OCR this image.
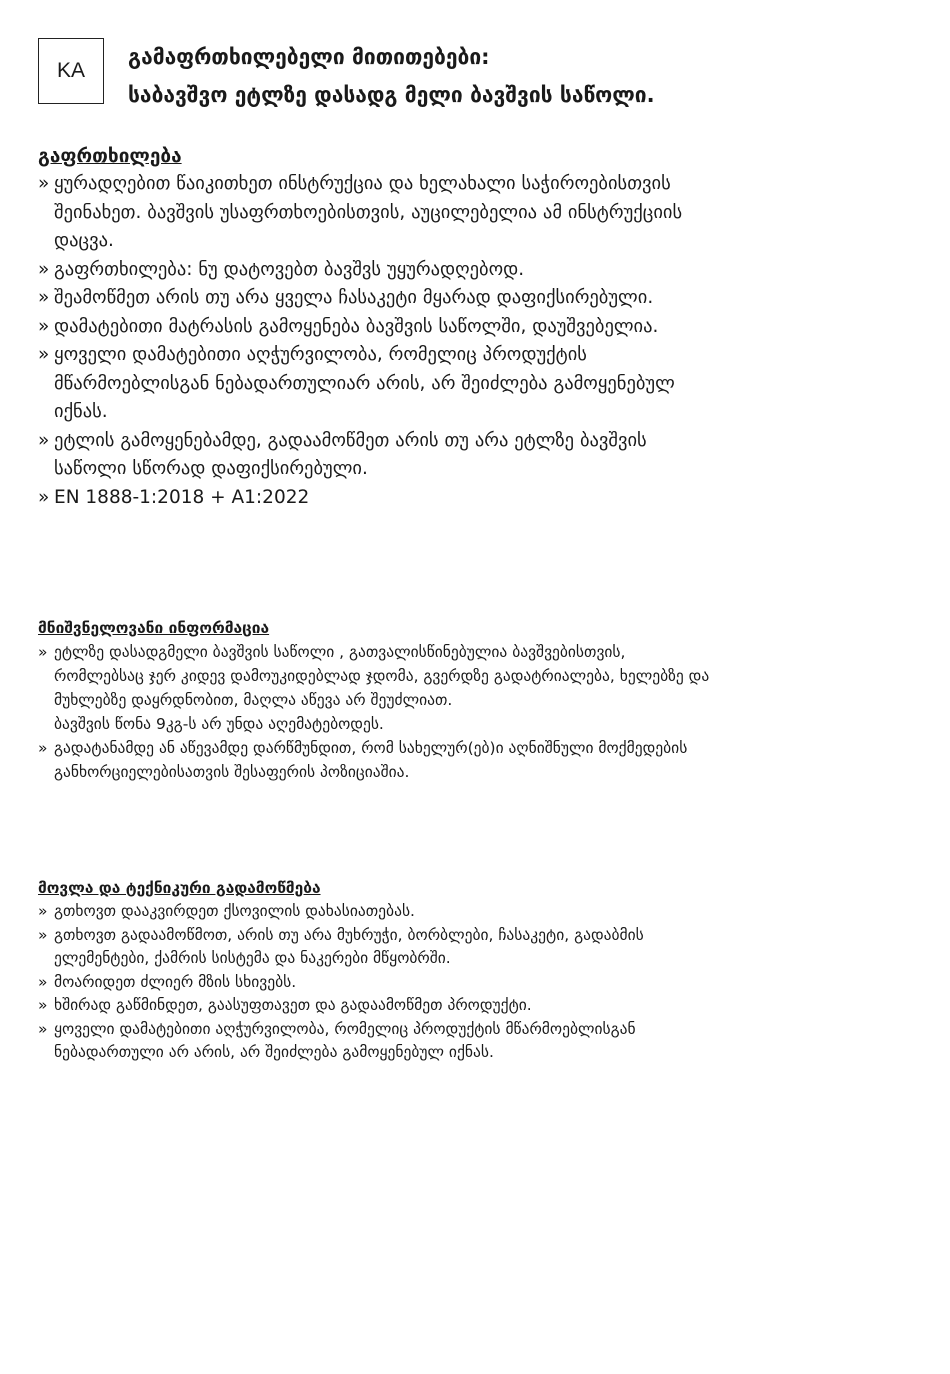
KA
გამაფრთხილებელი მითითებები:
საბავშვო ეტლზე დასადგ მელი ბავშვის საწოლი.
გაფრთხილება
» ყურადღებით წაიკითხეთ ინსტრუქცია და ხელახალი საჭიროებისთვის
შეინახეთ. ბავშვის უსაფრთხოებისთვის, აუცილებელია ამ ინსტრუქციის
დაცვა.
» გაფრთხილება: ნუ დატოვებთ ბავშვს უყურადღებოდ.
» შეამოწმეთ არის თუ არა ყველა ჩასაკეტი მყარად დაფიქსირებული.
» დამატებითი მატრასის გამოყენება ბავშვის საწოლში, დაუშვებელია.
» ყოველი დამატებითი აღჭურვილობა, რომელიც პროდუქტის
მწარმოებლისგან ნებადართულიარ არის, არ შეიძლება გამოყენებულ
იქნას.
» ეტლის გამოყენებამდე, გადაამოწმეთ არის თუ არა ეტლზე ბავშვის
საწოლი სწორად დაფიქსირებული.
» EN 1888-1:2018 + A1:2022
მნიშვნელოვანი ინფორმაცია
» ეტლზე დასადგმელი ბავშვის საწოლი , გათვალისწინებულია ბავშვებისთვის,
რომლებსაც ჯერ კიდევ დამოუკიდებლად ჯდომა, გვერდზე გადატრიალება, ხელებზე და
მუხლებზე დაყრდნობით, მაღლა აწევა არ შეუძლიათ.
ბავშვის წონა 9კგ-ს არ უნდა აღემატებოდეს.
» გადატანამდე ან აწევამდე დარწმუნდით, რომ სახელურ(ებ)ი აღნიშნული მოქმედების
განხორციელებისათვის შესაფერის პოზიციაშია.
მოვლა და ტექნიკური გადამოწმება
» გთხოვთ დააკვირდეთ ქსოვილის დახასიათებას.
» გთხოვთ გადაამოწმოთ, არის თუ არა მუხრუჭი, ბორბლები, ჩასაკეტი, გადაბმის
ელემენტები, ქამრის სისტემა და ნაკერები მწყობრში.
» მოარიდეთ ძლიერ მზის სხივებს.
» ხშირად გაწმინდეთ, გაასუფთავეთ და გადაამოწმეთ პროდუქტი.
» ყოველი დამატებითი აღჭურვილობა, რომელიც პროდუქტის მწარმოებლისგან
ნებადართული არ არის, არ შეიძლება გამოყენებულ იქნას.
